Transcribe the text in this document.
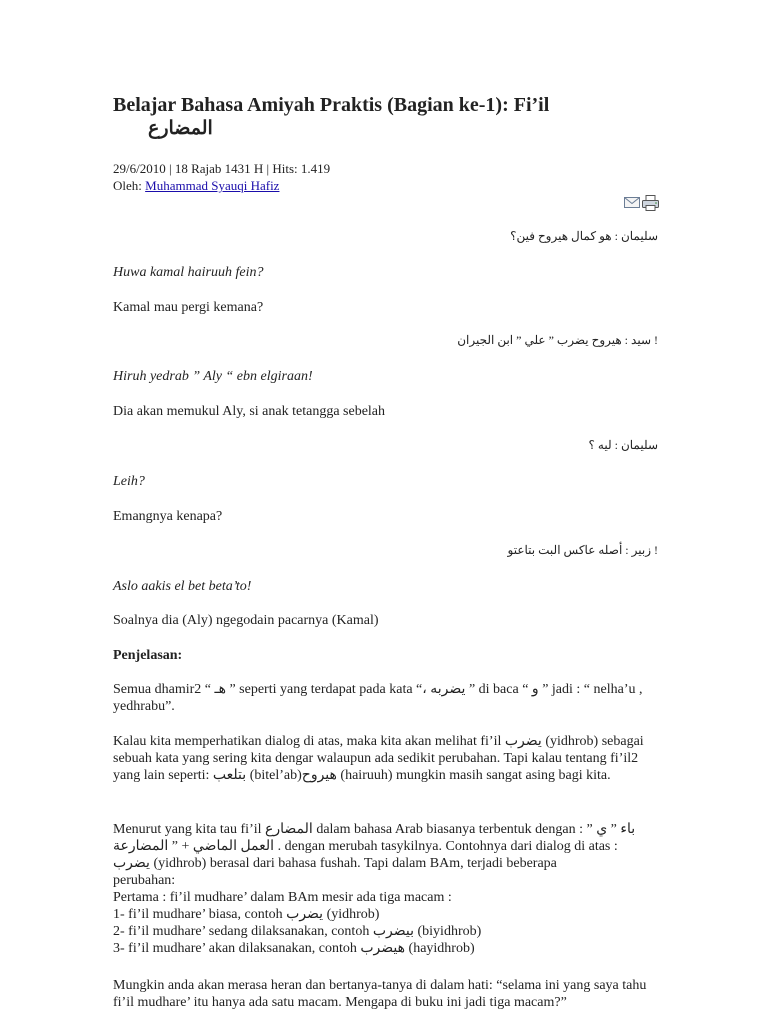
Belajar Bahasa Amiyah Praktis (Bagian ke-1): Fi’il
المضارع
29/6/2010 | 18 Rajab 1431 H | Hits: 1.419
Oleh: Muhammad Syauqi Hafiz
سليمان : هو كمال هيروح فين؟
Huwa kamal hairuuh fein?
Kamal mau pergi kemana?
! سيد : هيروح يضرب ” علي ” ابن الجيران
Hiruh yedrab ” Aly “ ebn elgiraan!
Dia akan memukul Aly, si anak tetangga sebelah
سليمان : ليه ؟
Leih?
Emangnya kenapa?
! زبير : أصله عاكس البت بتاعتو
Aslo aakis el bet beta’to!
Soalnya dia (Aly) ngegodain pacarnya (Kamal)
Penjelasan:
Semua dhamir2 “ هـ ” seperti yang terdapat pada kata “، يضربه ” di baca “ و ” jadi : “ nelha’u , yedhrabu”.
Kalau kita memperhatikan dialog di atas, maka kita akan melihat fi’il يضرب (yidhrob) sebagai sebuah kata yang sering kita dengar walaupun ada sedikit perubahan. Tapi kalau tentang fi’il2 yang lain seperti: بتلعب (bitel’ab)هيروح (hairuuh) mungkin masih sangat asing bagi kita.

Menurut yang kita tau fi’il المضارع dalam bahasa Arab biasanya terbentuk dengan : ” باء ” ي

العمل الماضي + ” المضارعة . dengan merubah tasykilnya. Contohnya dari dialog di atas :

يضرب (yidhrob) berasal dari bahasa fushah. Tapi dalam BAm, terjadi beberapa

perubahan:

Pertama : fi’il mudhare’ dalam BAm mesir ada tiga macam :

1- fi’il mudhare’ biasa, contoh يضرب (yidhrob)

2- fi’il mudhare’ sedang dilaksanakan, contoh بيضرب (biyidhrob)

3- fi’il mudhare’ akan dilaksanakan, contoh هيضرب (hayidhrob)

Mungkin anda akan merasa heran dan bertanya-tanya di dalam hati: “selama ini yang saya tahu fi’il mudhare’ itu hanya ada satu macam. Mengapa di buku ini jadi tiga macam?”
